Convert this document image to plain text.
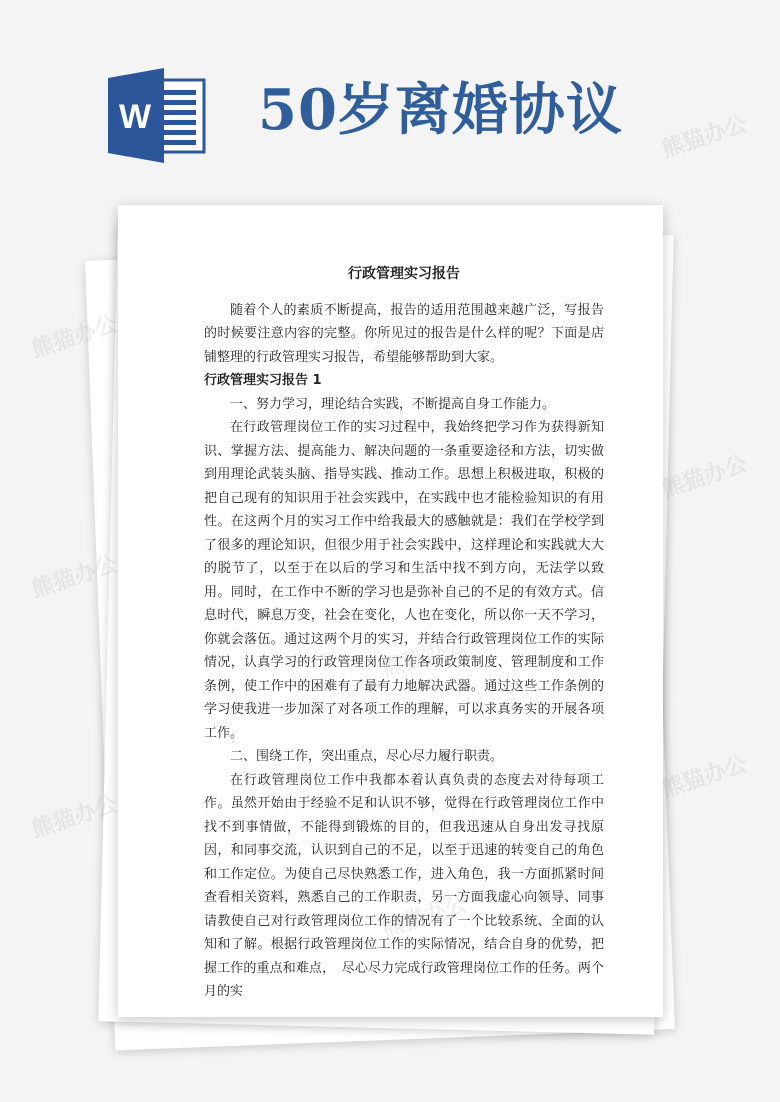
W 50岁离婚协议

行政管理实习报告

随着个人的素质不断提高，报告的适用范围越来越广泛，写报告的时候要注意内容的完整。你所见过的报告是什么样的呢？下面是店铺整理的行政管理实习报告，希望能够帮助到大家。

行政管理实习报告 1

一、努力学习，理论结合实践，不断提高自身工作能力。

在行政管理岗位工作的实习过程中，我始终把学习作为获得新知识、掌握方法、提高能力、解决问题的一条重要途径和方法，切实做到用理论武装头脑、指导实践、推动工作。思想上积极进取，积极的把自己现有的知识用于社会实践中，在实践中也才能检验知识的有用性。在这两个月的实习工作中给我最大的感触就是：我们在学校学到了很多的理论知识，但很少用于社会实践中，这样理论和实践就大大的脱节了，以至于在以后的学习和生活中找不到方向，无法学以致用。同时，在工作中不断的学习也是弥补自己的不足的有效方式。信息时代，瞬息万变，社会在变化，人也在变化，所以你一天不学习，你就会落伍。通过这两个月的实习，并结合行政管理岗位工作的实际情况，认真学习的行政管理岗位工作各项政策制度、管理制度和工作条例，使工作中的困难有了最有力地解决武器。通过这些工作条例的学习使我进一步加深了对各项工作的理解，可以求真务实的开展各项工作。

二、围绕工作，突出重点，尽心尽力履行职责。

在行政管理岗位工作中我都本着认真负责的态度去对待每项工作。虽然开始由于经验不足和认识不够，觉得在行政管理岗位工作中找不到事情做，不能得到锻炼的目的，但我迅速从自身出发寻找原因，和同事交流，认识到自己的不足，以至于迅速的转变自己的角色和工作定位。为使自己尽快熟悉工作，进入角色，我一方面抓紧时间查看相关资料，熟悉自己的工作职责，另一方面我虚心向领导、同事请教使自己对行政管理岗位工作的情况有了一个比较系统、全面的认知和了解。根据行政管理岗位工作的实际情况，结合自身的优势，把握工作的重点和难点，　尽心尽力完成行政管理岗位工作的任务。两个月的实

熊猫办公
熊猫办公
熊猫办公
熊猫办公
熊猫办公
熊猫办公
